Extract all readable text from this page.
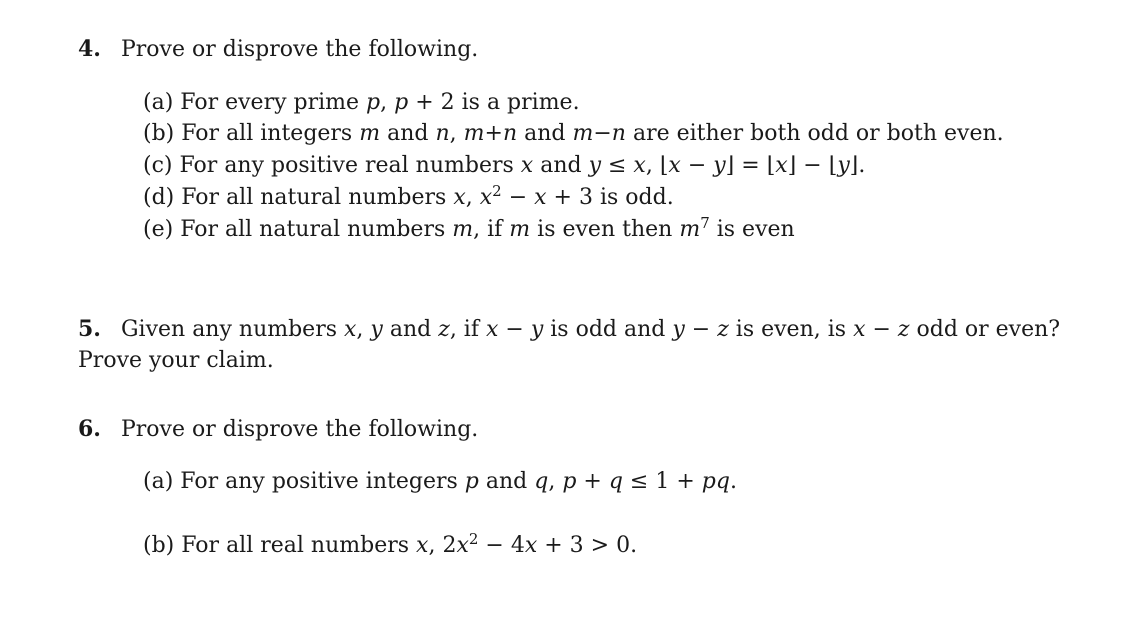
4. Prove or disprove the following.
(a) For every prime p, p + 2 is a prime.
(b) For all integers m and n, m+n and m−n are either both odd or both even.
(c) For any positive real numbers x and y ≤ x, ⌊x − y⌋ = ⌊x⌋ − ⌊y⌋.
(d) For all natural numbers x, $x^2 - x + 3$ is odd.
(e) For all natural numbers m, if m is even then $m^7$ is even
5. Given any numbers x, y and z, if x − y is odd and y − z is even, is x − z odd or even?
Prove your claim.
6. Prove or disprove the following.
(a) For any positive integers p and q, p + q ≤ 1 + pq.
(b) For all real numbers x, $2x^2 - 4x + 3 > 0$.
